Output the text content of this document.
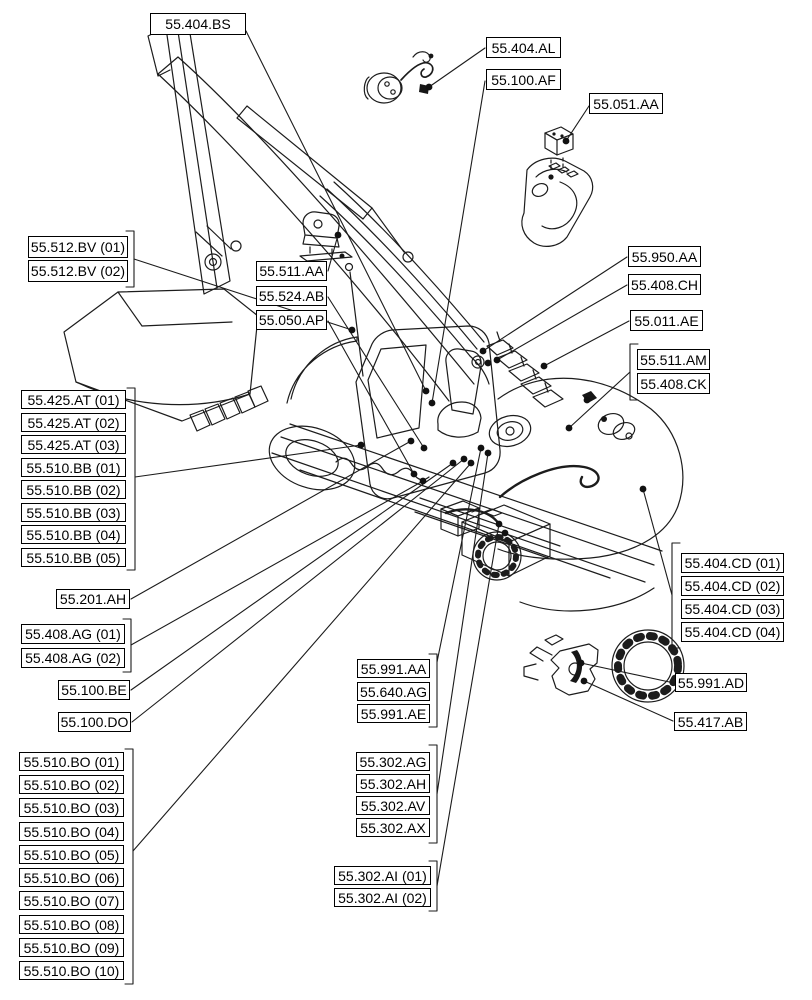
55.404.BS
55.404.AL
55.100.AF
55.051.AA
55.512.BV (01)
55.512.BV (02)	55.511.AA
55.524.AB
55.050.AP
55.950.AA
55.408.CH
55.011.AE
55.511.AM
55.408.CK
55.425.AT (01)
55.425.AT (02)
55.425.AT (03)
55.510.BB (01)
55.510.BB (02)
55.510.BB (03)
55.510.BB (04)
55.510.BB (05)
55.201.AH
55.408.AG (01)
55.408.AG (02)
55.100.BE
55.100.DO
55.510.BO (01)
55.510.BO (02)
55.510.BO (03)
55.510.BO (04)
55.510.BO (05)
55.510.BO (06)
55.510.BO (07)
55.510.BO (08)
55.510.BO (09)
55.510.BO (10)
55.991.AA
55.640.AG
55.991.AE
55.302.AG
55.302.AH
55.302.AV
55.302.AX
55.302.AI (01)
55.302.AI (02)
55.404.CD (01)
55.404.CD (02)
55.404.CD (03)
55.404.CD (04)
55.991.AD
55.417.AB
